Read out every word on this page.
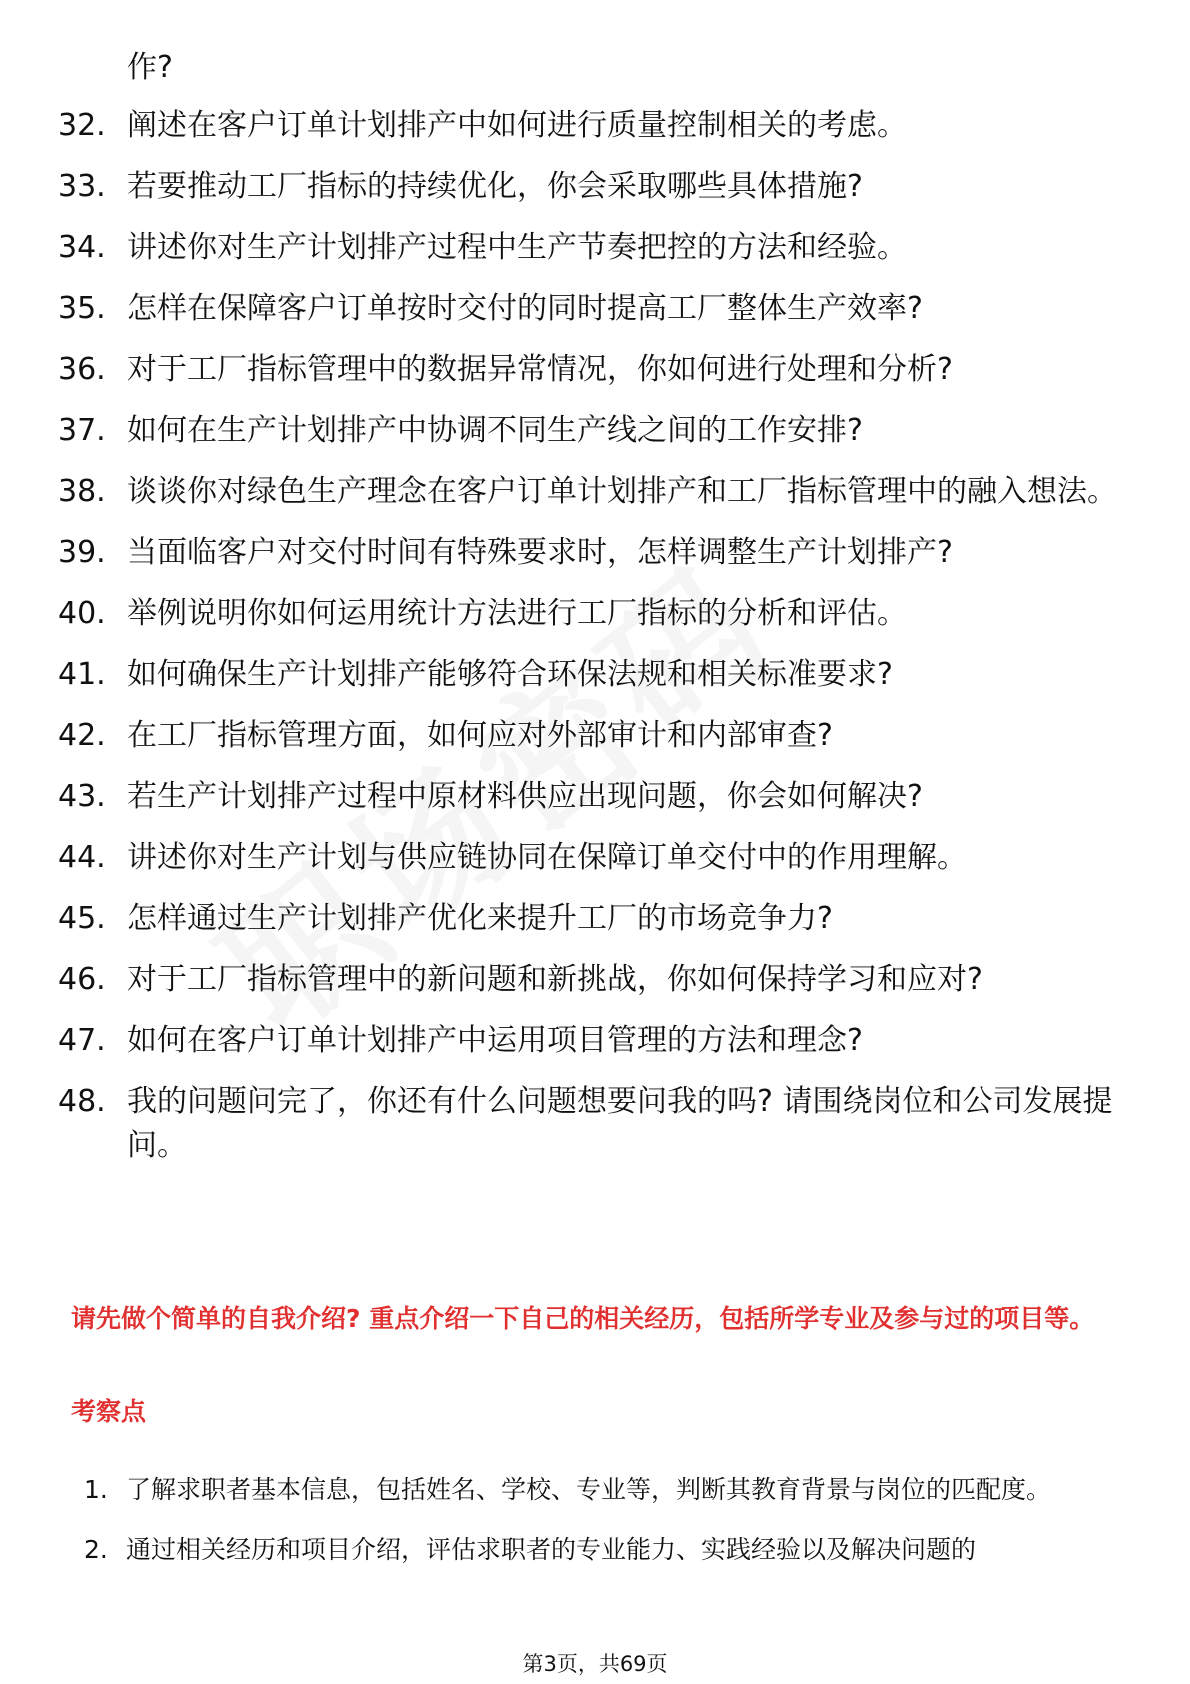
作?
32. 阐述在客户订单计划排产中如何进行质量控制相关的考虑。
33. 若要推动工厂指标的持续优化，你会采取哪些具体措施?
34. 讲述你对生产计划排产过程中生产节奏把控的方法和经验。
35. 怎样在保障客户订单按时交付的同时提高工厂整体生产效率?
36. 对于工厂指标管理中的数据异常情况，你如何进行处理和分析?
37. 如何在生产计划排产中协调不同生产线之间的工作安排?
38. 谈谈你对绿色生产理念在客户订单计划排产和工厂指标管理中的融入想法。
39. 当面临客户对交付时间有特殊要求时，怎样调整生产计划排产?
40. 举例说明你如何运用统计方法进行工厂指标的分析和评估。
41. 如何确保生产计划排产能够符合环保法规和相关标准要求?
42. 在工厂指标管理方面，如何应对外部审计和内部审查?
43. 若生产计划排产过程中原材料供应出现问题，你会如何解决?
44. 讲述你对生产计划与供应链协同在保障订单交付中的作用理解。
45. 怎样通过生产计划排产优化来提升工厂的市场竞争力?
46. 对于工厂指标管理中的新问题和新挑战，你如何保持学习和应对?
47. 如何在客户订单计划排产中运用项目管理的方法和理念?
48. 我的问题问完了，你还有什么问题想要问我的吗? 请围绕岗位和公司发展提问。
请先做个简单的自我介绍? 重点介绍一下自己的相关经历，包括所学专业及参与过的项目等。
考察点
1. 了解求职者基本信息，包括姓名、学校、专业等，判断其教育背景与岗位的匹配度。
2. 通过相关经历和项目介绍，评估求职者的专业能力、实践经验以及解决问题的
第3页，共69页
